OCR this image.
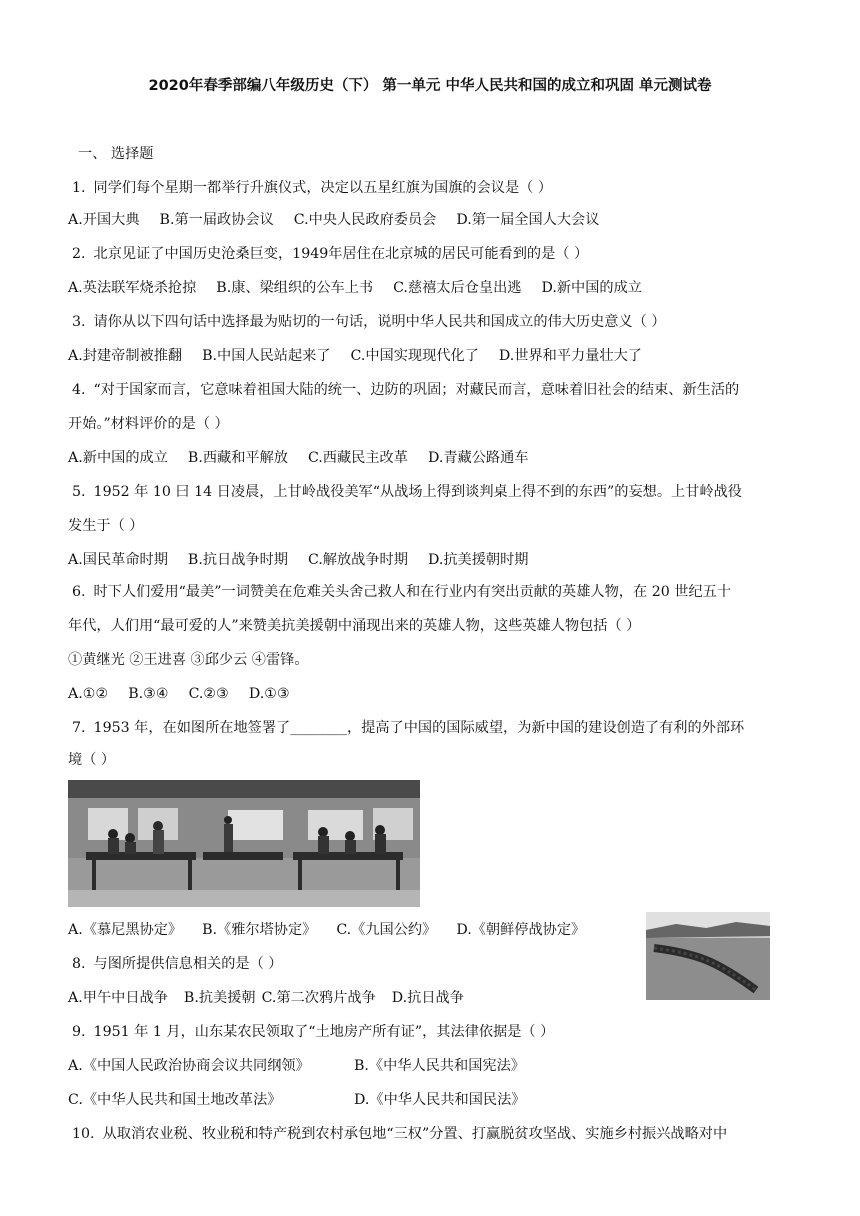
2020年春季部编八年级历史（下） 第一单元 中华人民共和国的成立和巩固 单元测试卷
一、 选择题
1. 同学们每个星期一都举行升旗仪式，决定以五星红旗为国旗的会议是（ ）
A.开国大典 B.第一届政协会议 C.中央人民政府委员会 D.第一届全国人大会议
2. 北京见证了中国历史沧桑巨变，1949年居住在北京城的居民可能看到的是（ ）
A.英法联军烧杀抢掠 B.康、梁组织的公车上书 C.慈禧太后仓皇出逃 D.新中国的成立
3. 请你从以下四句话中选择最为贴切的一句话，说明中华人民共和国成立的伟大历史意义（ ）
A.封建帝制被推翻 B.中国人民站起来了 C.中国实现现代化了 D.世界和平力量壮大了
4. “对于国家而言，它意味着祖国大陆的统一、边防的巩固；对藏民而言，意味着旧社会的结束、新生活的
开始。”材料评价的是（ ）
A.新中国的成立 B.西藏和平解放 C.西藏民主改革 D.青藏公路通车
5. 1952 年 10 曰 14 日凌晨，上甘岭战役美军“从战场上得到谈判桌上得不到的东西”的妄想。上甘岭战役
发生于（ ）
A.国民革命时期 B.抗日战争时期 C.解放战争时期 D.抗美援朝时期
6. 时下人们爱用“最美”一词赞美在危难关头舍己救人和在行业内有突出贡献的英雄人物，在 20 世纪五十
年代，人们用“最可爱的人”来赞美抗美援朝中涌现出来的英雄人物，这些英雄人物包括（ ）
①黄继光 ②王进喜 ③邱少云 ④雷锋。
A.①② B.③④ C.②③ D.①③
7. 1953 年，在如图所在地签署了________，提高了中国的国际威望，为新中国的建设创造了有利的外部环
境（ ）
A.《慕尼黑协定》 B.《雅尔塔协定》 C.《九国公约》 D.《朝鲜停战协定》
8. 与图所提供信息相关的是（ ）
A.甲午中日战争 B.抗美援朝 C.第二次鸦片战争 D.抗日战争
9. 1951 年 1 月，山东某农民领取了“土地房产所有证”，其法律依据是（ ）
A.《中国人民政治协商会议共同纲领》	B.《中华人民共和国宪法》
C.《中华人民共和国土地改革法》	D.《中华人民共和国民法》
10. 从取消农业税、牧业税和特产税到农村承包地“三权”分置、打赢脱贫攻坚战、实施乡村振兴战略对中
